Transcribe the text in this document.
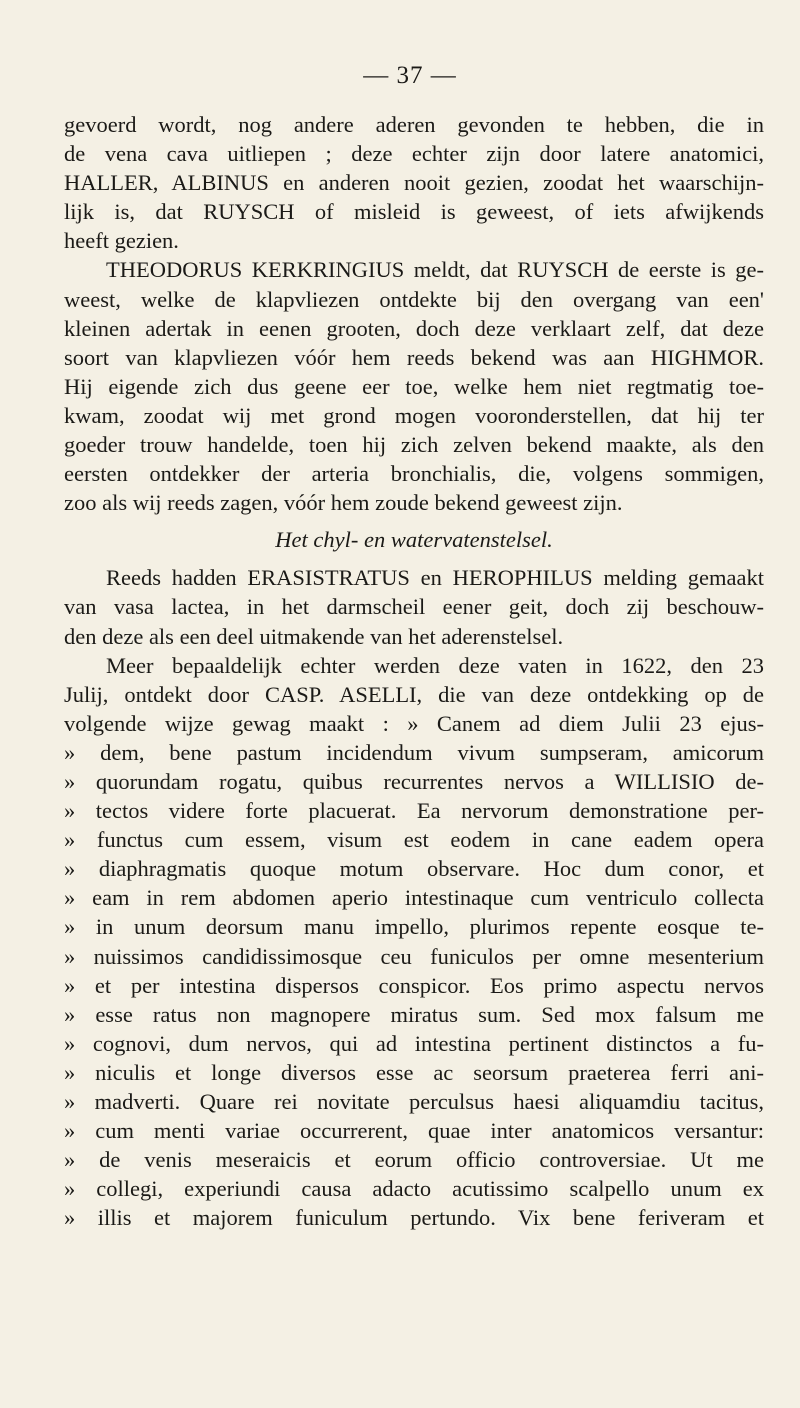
— 37 —
gevoerd wordt, nog andere aderen gevonden te hebben, die in
de vena cava uitliepen ; deze echter zijn door latere anatomici,
HALLER, ALBINUS en anderen nooit gezien, zoodat het waarschijn-
lijk is, dat RUYSCH of misleid is geweest, of iets afwijkends
heeft gezien.
THEODORUS KERKRINGIUS meldt, dat RUYSCH de eerste is ge-
weest, welke de klapvliezen ontdekte bij den overgang van een'
kleinen adertak in eenen grooten, doch deze verklaart zelf, dat deze
soort van klapvliezen vóór hem reeds bekend was aan HIGHMOR.
Hij eigende zich dus geene eer toe, welke hem niet regtmatig toe-
kwam, zoodat wij met grond mogen vooronderstellen, dat hij ter
goeder trouw handelde, toen hij zich zelven bekend maakte, als den
eersten ontdekker der arteria bronchialis, die, volgens sommigen,
zoo als wij reeds zagen, vóór hem zoude bekend geweest zijn.
Het chyl- en watervatenstelsel.
Reeds hadden ERASISTRATUS en HEROPHILUS melding gemaakt
van vasa lactea, in het darmscheil eener geit, doch zij beschouw-
den deze als een deel uitmakende van het aderenstelsel.
Meer bepaaldelijk echter werden deze vaten in 1622, den 23
Julij, ontdekt door CASP. ASELLI, die van deze ontdekking op de
volgende wijze gewag maakt : » Canem ad diem Julii 23 ejus-
» dem, bene pastum incidendum vivum sumpseram, amicorum
» quorundam rogatu, quibus recurrentes nervos a WILLISIO de-
» tectos videre forte placuerat. Ea nervorum demonstratione per-
» functus cum essem, visum est eodem in cane eadem opera
» diaphragmatis quoque motum observare. Hoc dum conor, et
» eam in rem abdomen aperio intestinaque cum ventriculo collecta
» in unum deorsum manu impello, plurimos repente eosque te-
» nuissimos candidissimosque ceu funiculos per omne mesenterium
» et per intestina dispersos conspicor. Eos primo aspectu nervos
» esse ratus non magnopere miratus sum. Sed mox falsum me
» cognovi, dum nervos, qui ad intestina pertinent distinctos a fu-
» niculis et longe diversos esse ac seorsum praeterea ferri ani-
» madverti. Quare rei novitate perculsus haesi aliquamdiu tacitus,
» cum menti variae occurrerent, quae inter anatomicos versantur:
» de venis meseraicis et eorum officio controversiae. Ut me
» collegi, experiundi causa adacto acutissimo scalpello unum ex
» illis et majorem funiculum pertundo. Vix bene feriveram et
